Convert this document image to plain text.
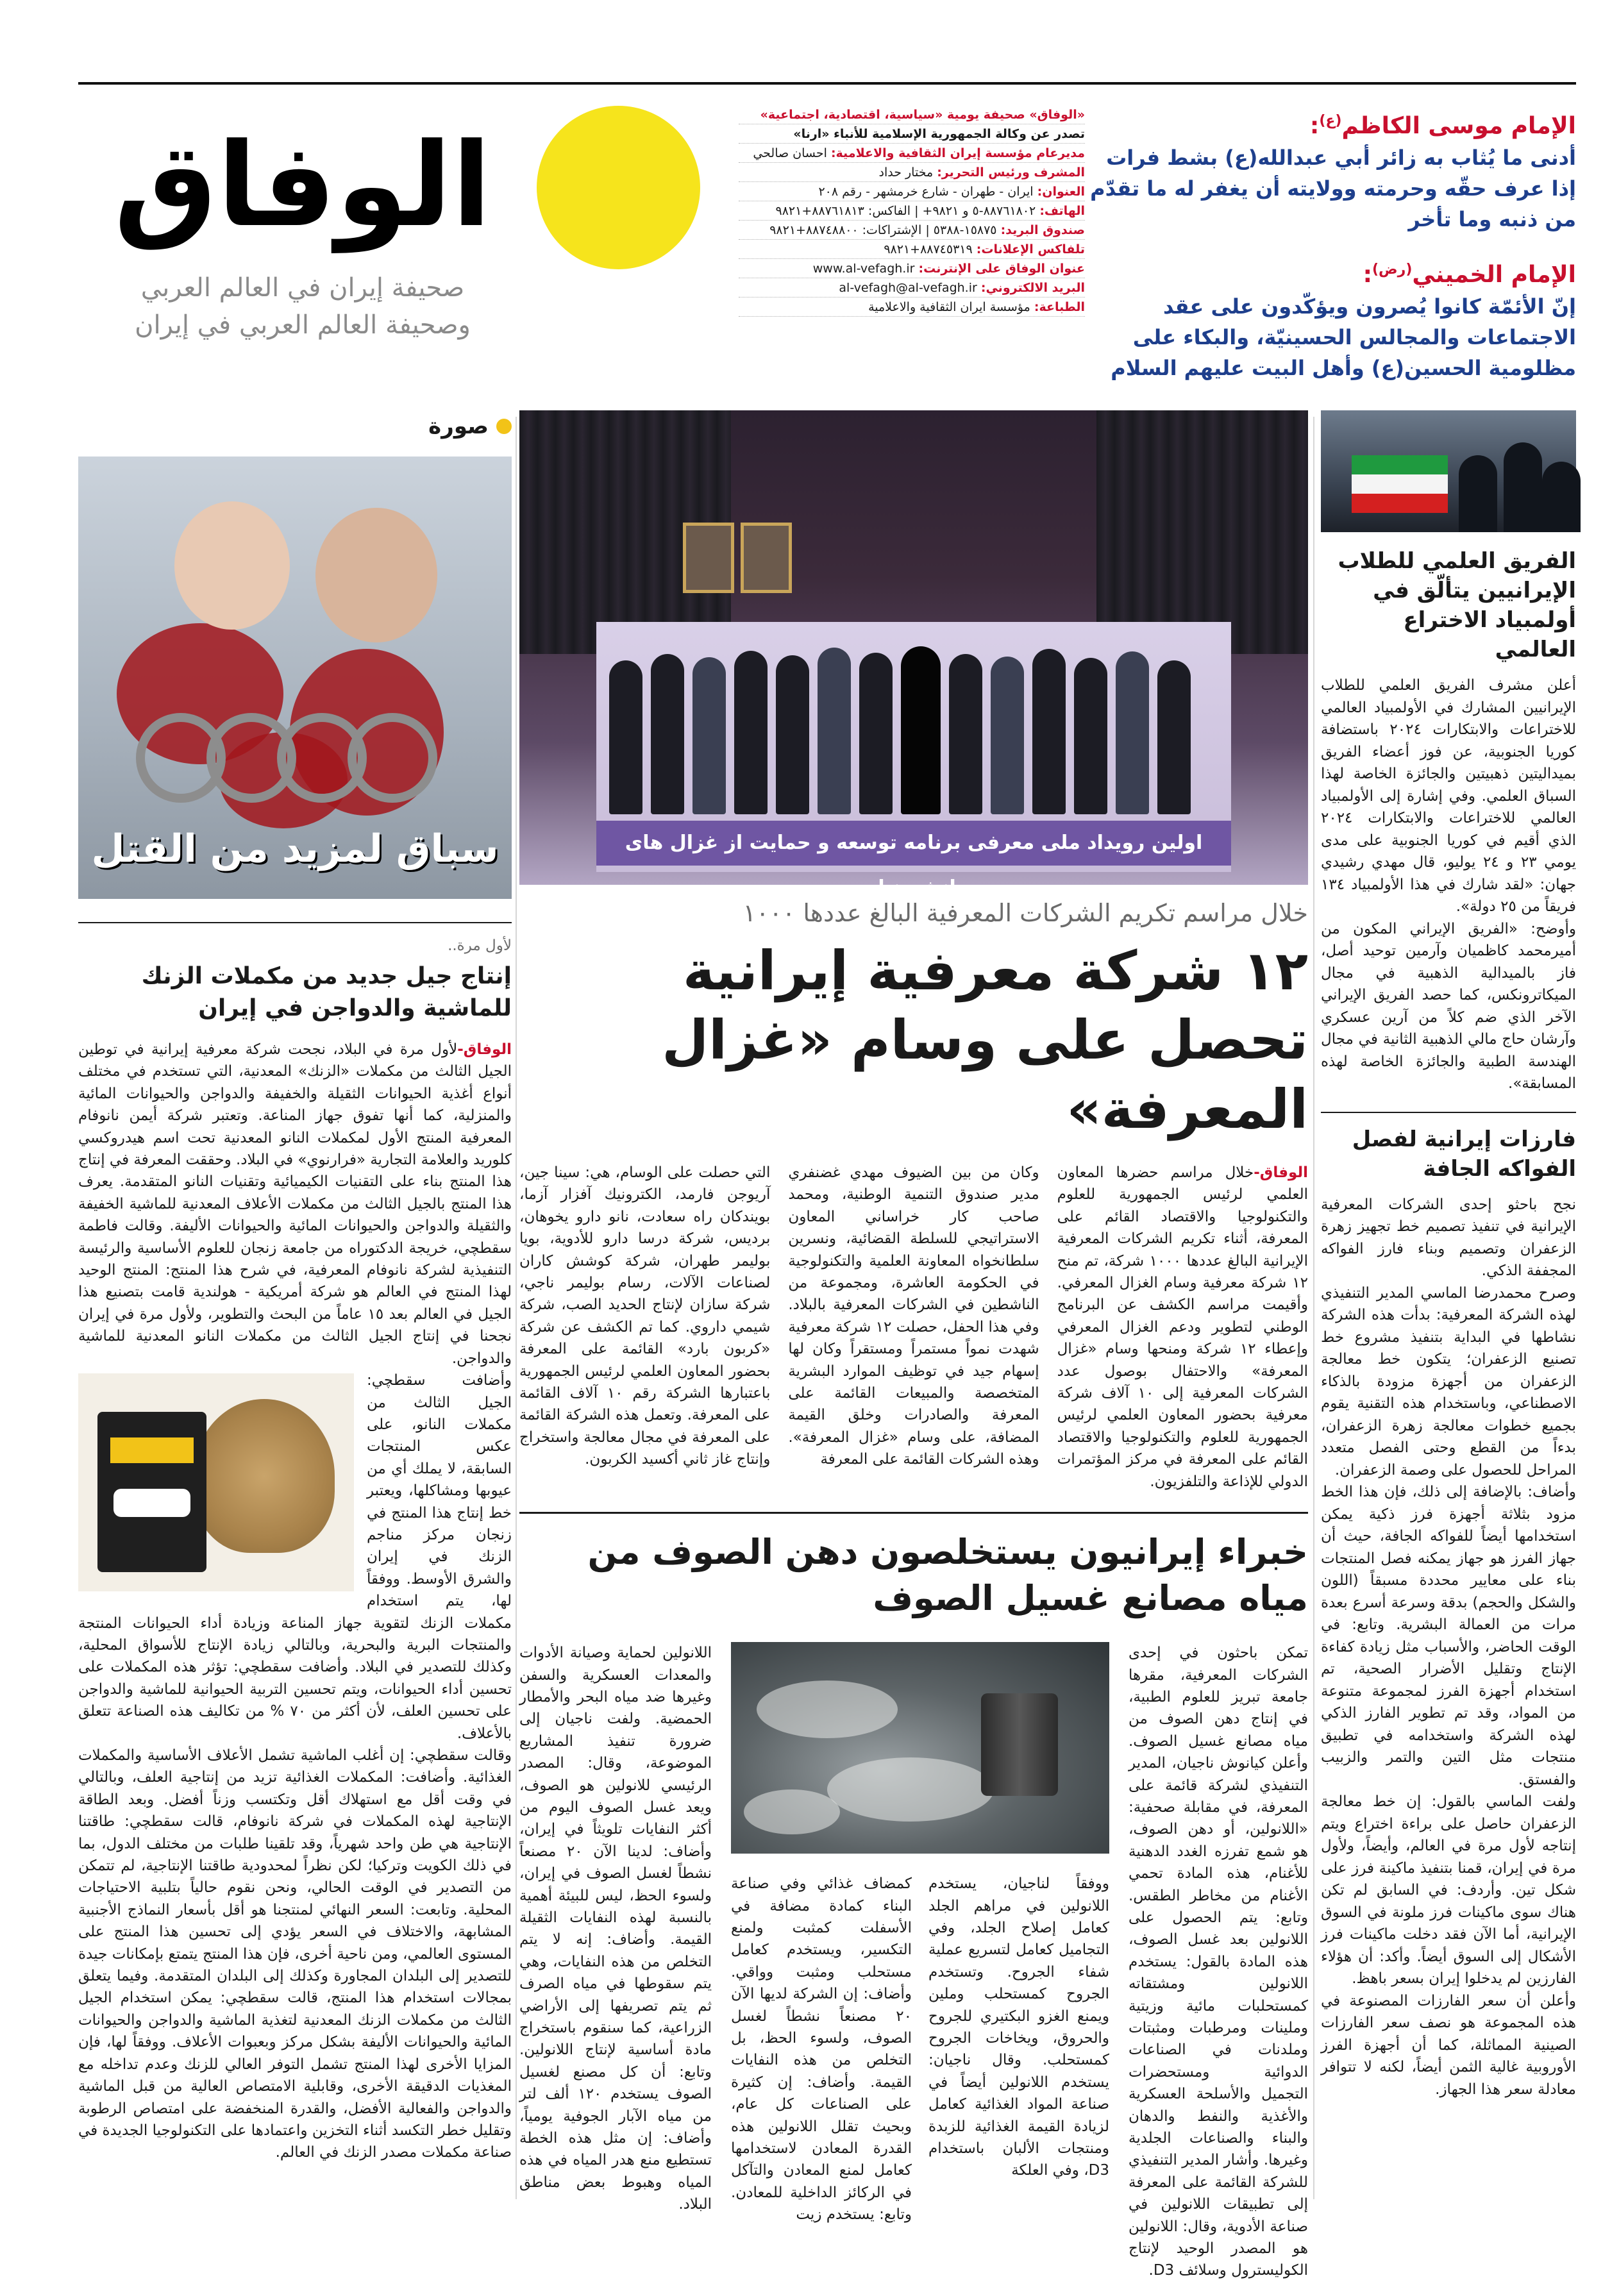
الإمام موسى الكاظم$^{(ع)}$:
أدنى ما يُثاب به زائر أبي عبدالله(ع) بشط فرات إذا عرف حقّه وحرمته وولايته أن يغفر له ما تقدّم من ذنبه وما تأخر
الإمام الخميني$^{(رض)}$:
إنّ الأئمّة كانوا يُصرون ويؤكّدون على عقد الاجتماعات والمجالس الحسينيّة، والبكاء على مظلومية الحسين(ع) وأهل البيت عليهم السلام
«الوفاق» صحيفة يومية «سياسية، اقتصادية، اجتماعية»
تصدر عن وكالة الجمهورية الإسلامية للأنباء «ارنا»
مديرعام مؤسسة إيران الثقافية والاعلامية: احسان صالحي
المشرف ورئيس التحرير: مختار حداد
العنوان: ايران - طهران - شارع خرمشهر - رقم ٢٠٨
الهاتف: ٨٨٧٦١٨٠٢-٥ و ٩٨٢١+ | الفاكس: ٨٨٧٦١٨١٣+٩٨٢١
صندوق البريد: ١٥٨٧٥-٥٣٨٨ | الإشتراكات: ٨٨٧٤٨٨٠٠+٩٨٢١
تلفاكس الإعلانات: ٨٨٧٤٥٣١٩+٩٨٢١
عنوان الوفاق على الإنترنت: www.al-vefagh.ir
البريد الالكتروني: al-vefagh@al-vefagh.ir
الطباعة: مؤسسة ايران الثقافية والاعلامية
الوفاق
صحيفة إيران في العالم العربي
وصحيفة العالم العربي في إيران
الفريق العلمي للطلاب الإيرانيين يتألّق في أولمبياد الاختراع العالمي

أعلن مشرف الفريق العلمي للطلاب الإيرانيين المشارك في الأولمبياد العالمي للاختراعات والابتكارات ٢٠٢٤ باستضافة كوريا الجنوبية، عن فوز أعضاء الفريق بميداليتين ذهبيتين والجائزة الخاصة لهذا السباق العلمي. وفي إشارة إلى الأولمبياد العالمي للاختراعات والابتكارات ٢٠٢٤ الذي أقيم في كوريا الجنوبية على مدى يومي ٢٣ و ٢٤ يوليو، قال مهدي رشيدي جهان: «لقد شارك في هذا الأولمبياد ١٣٤ فريقاً من ٢٥ دولة».

وأوضح: «الفريق الإيراني المكون من أميرمحمد كاظميان وآرمين توحيد أصل، فاز بالميدالية الذهبية في مجال الميكاترونكس، كما حصد الفريق الإيراني الآخر الذي ضم كلاً من آرين عسكري وآرشان حاج مالي الذهبية الثانية في مجال الهندسة الطبية والجائزة الخاصة لهذه المسابقة».

فارزات إيرانية لفصل الفواكه الجافة

نجح باحثو إحدى الشركات المعرفية الإيرانية في تنفيذ تصميم خط تجهيز زهرة الزعفران وتصميم وبناء فارز الفواكه المجففة الذكي.

وصرح محمدرضا الماسي المدير التنفيذي لهذه الشركة المعرفية: بدأت هذه الشركة نشاطها في البداية بتنفيذ مشروع خط تصنيع الزعفران؛ يتكون خط معالجة الزعفران من أجهزة مزودة بالذكاء الاصطناعي، وباستخدام هذه التقنية يقوم بجميع خطوات معالجة زهرة الزعفران، بدءاً من القطع وحتى الفصل متعدد المراحل للحصول على وصمة الزعفران.

وأضاف: بالإضافة إلى ذلك، فإن هذا الخط مزود بثلاثة أجهزة فرز ذكية يمكن استخدامها أيضاً للفواكه الجافة، حيث أن جهاز الفرز هو جهاز يمكنه فصل المنتجات بناء على معايير محددة مسبقاً (اللون والشكل والحجم) بدقة وسرعة أسرع بعدة مرات من العمالة البشرية. وتابع: في الوقت الحاضر، والأسباب مثل زيادة كفاءة الإنتاج وتقليل الأضرار الصحية، تم استخدام أجهزة الفرز لمجموعة متنوعة من المواد، وقد تم تطوير الفارز الذكي لهذه الشركة واستخدامه في تطبيق منتجات مثل التين والتمر والزبيب والفستق.

ولفت الماسي بالقول: إن خط معالجة الزعفران حاصل على براءة اختراع ويتم إنتاجه لأول مرة في العالم، وأيضاً، ولأول مرة في إيران، قمنا بتنفيذ ماكينة فرز على شكل تين. وأردف: في السابق لم تكن هناك سوى ماكينات فرز ملونة في السوق الإيرانية، أما الآن فقد دخلت ماكينات فرز الأشكال إلى السوق أيضاً. وأكد: أن هؤلاء الفارزين لم يدخلوا إيران بسعر باهظ.

وأعلن أن سعر الفارزات المصنوعة في هذه المجموعة هو نصف سعر الفارزات الصينية المماثلة، كما أن أجهزة الفرز الأوروبية غالية الثمن أيضاً، لكنه لا تتوافر معادلة سعر هذا الجهاز.

اولین رویداد ملی معرفی برنامه توسعه و حمایت از غزال های دانش بنیان
خلال مراسم تكريم الشركات المعرفية البالغ عددها ١٠٠٠
١٢ شركة معرفية إيرانية تحصل على وسام «غزال المعرفة»

الوفاق-خلال مراسم حضرها المعاون العلمي لرئيس الجمهورية للعلوم والتكنولوجيا والاقتصاد القائم على المعرفة، أثناء تكريم الشركات المعرفية الإيرانية البالغ عددها ١٠٠٠ شركة، تم منح ١٢ شركة معرفية وسام الغزال المعرفي. وأقيمت مراسم الكشف عن البرنامج الوطني لتطوير ودعم الغزال المعرفي وإعطاء ١٢ شركة ومنحها وسام «غزال المعرفة» والاحتفال بوصول عدد الشركات المعرفية إلى ١٠ آلاف شركة معرفية بحضور المعاون العلمي لرئيس الجمهورية للعلوم والتكنولوجيا والاقتصاد القائم على المعرفة في مركز المؤتمرات الدولي للإذاعة والتلفزيون.

وكان من بين الضيوف مهدي غضنفري مدير صندوق التنمية الوطنية، ومحمد صاحب كار خراساني المعاون الاستراتيجي للسلطة القضائية، ونسرين سلطانخواه المعاونة العلمية والتكنولوجية في الحكومة العاشرة، ومجموعة من الناشطين في الشركات المعرفية بالبلاد. وفي هذا الحفل، حصلت ١٢ شركة معرفية شهدت نمواً مستمراً ومستقراً وكان لها إسهام جيد في توظيف الموارد البشرية المتخصصة والمبيعات القائمة على المعرفة والصادرات وخلق القيمة المضافة، على وسام «غزال المعرفة». وهذه الشركات القائمة على المعرفة

التي حصلت على الوسام، هي: سينا جين، آريوجن فارمد، الكترونيك آفزار آزما، بويندكان راه سعادت، نانو دارو يخوهان، بردیس، شرکة درسا دارو للأدوية، بويا بوليمر طهران، شركة كوشش كاران لصناعات الآلات، رسام بوليمر ناجي، شركة سازان لإنتاج الحديد الصب، شركة شيمي داروي. كما تم الكشف عن شركة «كربون بارد» القائمة على المعرفة بحضور المعاون العلمي لرئيس الجمهورية باعتبارها الشركة رقم ١٠ آلاف القائمة على المعرفة. وتعمل هذه الشركة القائمة على المعرفة في مجال معالجة واستخراج وإنتاج غاز ثاني أكسيد الكربون.

خبراء إيرانيون يستخلصون دهن الصوف من مياه مصانع غسيل الصوف

تمكن باحثون في إحدى الشركات المعرفية، مقرها جامعة تبريز للعلوم الطبية، في إنتاج دهن الصوف من مياه مصانع غسيل الصوف. وأعلن كيانوش ناجيان، المدير التنفيذي لشركة قائمة على المعرفة، في مقابلة صحفية: «اللانولين، أو دهن الصوف، هو شمع تفرزه الغدد الدهنية للأغنام، هذه المادة تحمي الأغنام من مخاطر الطقس. وتابع: يتم الحصول على اللانولين بعد غسل الصوف، هذه المادة بالقول: يستخدم اللانولين ومشتقاته كمستحلبات مائية وزيتية وملينات ومرطبات ومثبتات وملدنات في الصناعات الدوائية ومستحضرات التجميل والأسلحة العسكرية والأغذية والنفط والدهان والبناء والصناعات الجلدية وغيرها. وأشار المدير التنفيذي للشركة القائمة على المعرفة إلى تطبيقات اللانولين في صناعة الأدوية، وقال: اللانولين هو المصدر الوحيد لإنتاج الكوليسترول وسلائف D3.

ووفقاً لناجيان، يستخدم اللانولين في مراهم الجلد كعامل إصلاح الجلد، وفي التجاميل كعامل لتسريع عملية شفاء الجروح. وتستخدم الجروح كمستحلب وملين ويمنع الغزو البكتيري للجروح والحروق، ويخاخات الجروح كمستحلب. وقال ناجيان: يستخدم اللانولين أيضاً في صناعة المواد الغذائية كعامل لزيادة القيمة الغذائية للزبدة ومنتجات الألبان باستخدام D3، وفي العلكة

كمضاف غذائي وفي صناعة البناء كمادة مضافة في الأسفلت كمثبت ولمنع التكسير، ويستخدم كعامل مستحلب ومثبت وواقي. وأضاف: إن الشركة لديها الآن ٢٠ مصنعاً نشطاً لغسل الصوف، ولسوء الحظ، بل التخلص من هذه النفايات القيمة. وأضاف: إن كثيرة على الصناعات كل عام، وبحيث تقلل اللانولين هذه القدرة المعادن لاستخدامها كعامل لمنع المعادن والتآكل في الركائز الداخلية للمعادن. وتابع: يستخدم زيت

اللانولين لحماية وصيانة الأدوات والمعدات العسكرية والسفن وغيرها ضد مياه البحر والأمطار الحمضية. ولفت ناجيان إلى ضرورة تنفيذ المشاريع الموضوعة، وقال: المصدر الرئيسي للانولين هو الصوف، ويعد غسل الصوف اليوم من أكثر النفايات تلويثاً في إيران، وأضاف: لدينا الآن ٢٠ مصنعاً نشطاً لغسل الصوف في إيران، ولسوء الحظ، ليس للبيئة أهمية بالنسبة لهذه النفايات الثقيلة القيمة. وأضاف: إنه لا يتم التخلص من هذه النفايات، وهي يتم سقوطها في مياه الصرف ثم يتم تصريفها إلى الأراضي الزراعية، كما سنقوم باستخراج مادة أساسية لإنتاج اللانولين. وتابع: أن كل مصنع لغسيل الصوف يستخدم ١٢٠ ألف لتر من مياه الآبار الجوفية يومياً، وأضاف: إن مثل هذه الخطة تستطيع منع هدر المياه في هذه المياه وهبوط بعض مناطق البلاد.

صورة
سباق لمزيد من القتل
لأول مرة..
إنتاج جيل جديد من مكملات الزنك للماشية والدواجن في إيران

الوفاق-لأول مرة في البلاد، نجحت شركة معرفية إيرانية في توطين الجيل الثالث من مكملات «الزنك» المعدنية، التي تستخدم في مختلف أنواع أغذية الحيوانات الثقيلة والخفيفة والدواجن والحيوانات المائية والمنزلية، كما أنها تفوق جهاز المناعة. وتعتبر شركة أيمن نانوفام المعرفية المنتج الأول لمكملات النانو المعدنية تحت اسم هيدروكسي كلوريد والعلامة التجارية «فرارنوي» في البلاد. وحققت المعرفة في إنتاج هذا المنتج بناء على التقنيات الكيميائية وتقنيات النانو المتقدمة. يعرف هذا المنتج بالجيل الثالث من مكملات الأعلاف المعدنية للماشية الخفيفة والثقيلة والدواجن والحيوانات المائية والحيوانات الأليفة. وقالت فاطمة سقطچي، خريجة الدكتوراه من جامعة زنجان للعلوم الأساسية والرئيسة التنفيذية لشركة نانوفام المعرفية، في شرح هذا المنتج: المنتج الوحيد لهذا المنتج في العالم هو شركة أمريكية - هولندية قامت بتصنيع هذا الجيل في العالم بعد ١٥ عاماً من البحث والتطوير، ولأول مرة في إيران نجحنا في إنتاج الجيل الثالث من مكملات النانو المعدنية للماشية والدواجن.

وأضافت سقطچي: الجيل الثالث من مكملات النانو، على عكس المنتجات السابقة، لا يملك أي من عيوبها ومشاكلها، ويعتبر خط إنتاج هذا المنتج في زنجان مركز مناجم الزنك في إيران والشرق الأوسط. ووفقاً لها، يتم استخدام مكملات الزنك لتقوية جهاز المناعة وزيادة أداء الحيوانات المنتجة والمنتجات البرية والبحرية، وبالتالي زيادة الإنتاج للأسواق المحلية، وكذلك للتصدير في البلاد. وأضافت سقطچي: تؤثر هذه المكملات على تحسين أداء الحيوانات، ويتم تحسين التربية الحيوانية للماشية والدواجن على تحسين العلف، لأن أكثر من ٧٠ % من تكاليف هذه الصناعة تتعلق بالأعلاف.

وقالت سقطچي: إن أغلب الماشية تشمل الأعلاف الأساسية والمكملات الغذائية. وأضافت: المكملات الغذائية تزيد من إنتاجية العلف، وبالتالي في وقت أقل مع استهلاك أقل وتكتسب وزناً أفضل. وبعد الطاقة الإنتاجية لهذه المكملات في شركة نانوفام، قالت سقطچي: طاقتنا الإنتاجية هي طن واحد شهرياً، وقد تلقينا طلبات من مختلف الدول، بما في ذلك الكويت وتركيا؛ لكن نظراً لمحدودية طاقتنا الإنتاجية، لم تتمكن من التصدير في الوقت الحالي، ونحن نقوم حالياً بتلبية الاحتياجات المحلية. وتابعت: السعر النهائي لمنتجنا هو أقل بأسعار النماذج الأجنبية المشابهة، والاختلاف في السعر يؤدي إلى تحسين هذا المنتج على المستوى العالمي، ومن ناحية أخرى، فإن هذا المنتج يتمتع بإمكانات جيدة للتصدير إلى البلدان المجاورة وكذلك إلى البلدان المتقدمة. وفيما يتعلق بمجالات استخدام هذا المنتج، قالت سقطچي: يمكن استخدام الجيل الثالث من مكملات الزنك المعدنية لتغذية الماشية والدواجن والحيوانات المائية والحيوانات الأليفة بشكل مركز وبعبوات الأعلاف. ووفقاً لها، فإن المزايا الأخرى لهذا المنتج تشمل التوفر العالي للزنك وعدم تداخله مع المغذيات الدقيقة الأخرى، وقابلية الامتصاص العالية من قبل الماشية والدواجن والفعالية الأفضل، والقدرة المنخفضة على امتصاص الرطوبة وتقليل خطر التكسد أثناء التخزين واعتمادها على التكنولوجيا الجديدة في صناعة مكملات مصدر الزنك في العالم.
